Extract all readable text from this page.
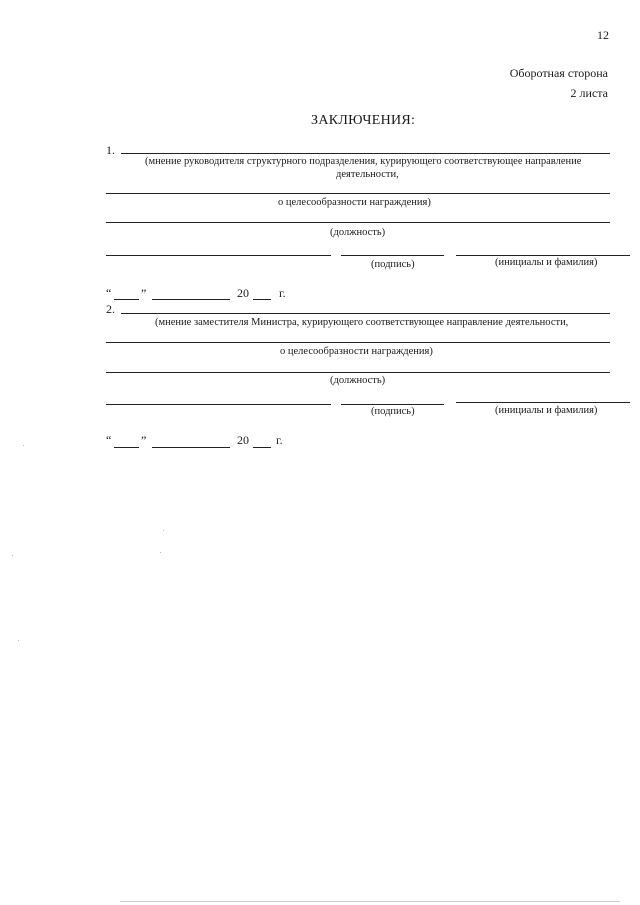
12
Оборотная сторона
2 листа
ЗАКЛЮЧЕНИЯ:
1.
(мнение руководителя структурного подразделения, курирующего соответствующее направление
деятельности,
о целесообразности награждения)
(должность)
(подпись)	(инициалы и фамилия)
“ ”	20	г.
2.
(мнение заместителя Министра, курирующего соответствующее направление деятельности,
о целесообразности награждения)
(должность)
(подпись)	(инициалы и фамилия)
“ ”	20 г.
